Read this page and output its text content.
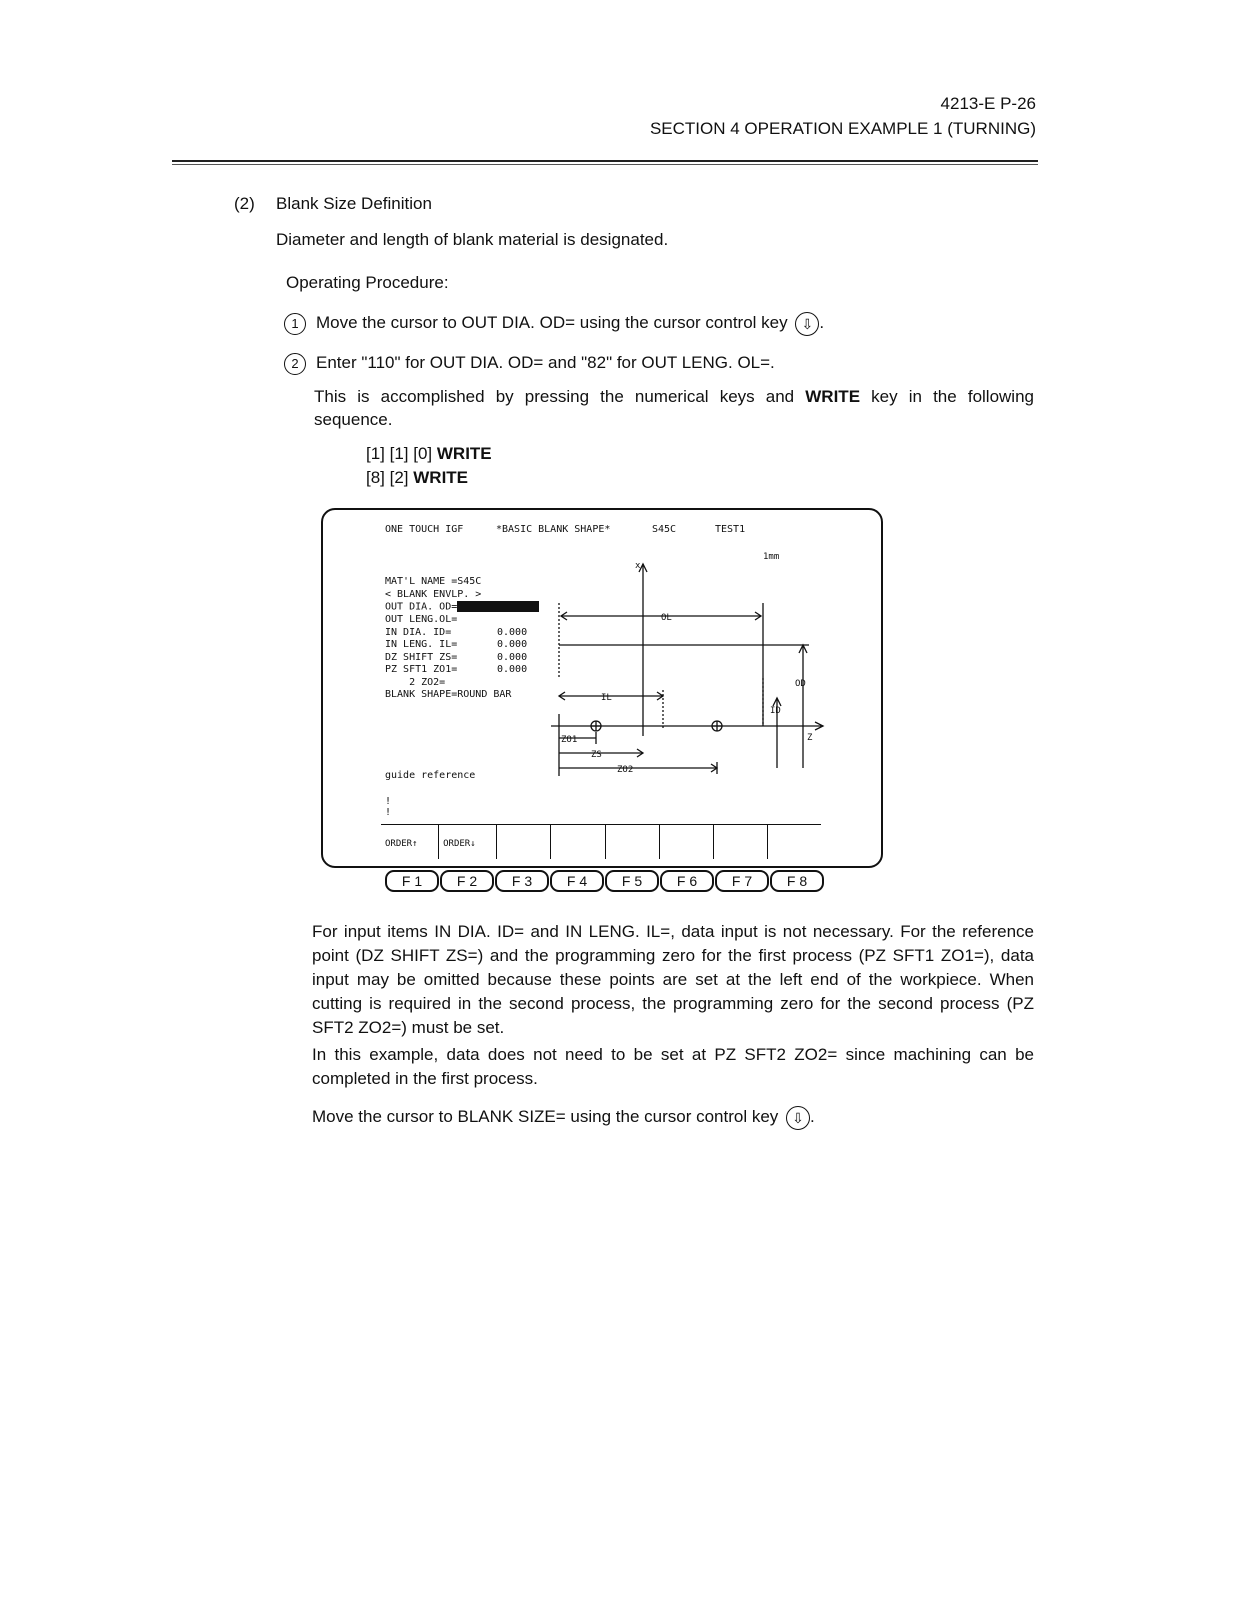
4213-E P-26
SECTION 4 OPERATION EXAMPLE 1 (TURNING)
(2) Blank Size Definition
Diameter and length of blank material is designated.
Operating Procedure:
1 Move the cursor to OUT DIA. OD= using the cursor control key ⇩ .
2 Enter "110" for OUT DIA. OD= and "82" for OUT LENG. OL=.
This is accomplished by pressing the numerical keys and WRITE key in the following sequence.
[1] [1] [0] WRITE
[8] [2] WRITE
ONE TOUCH IGF	*BASIC BLANK SHAPE*	S45C	TEST1
1mm
MAT'L NAME =S45C
< BLANK ENVLP. >
OUT DIA. OD=
OUT LENG.OL=
IN DIA. ID=	0.000
IN LENG. IL=	0.000
DZ SHIFT ZS=	0.000
PZ SFT1 ZO1=	0.000
2 ZO2=
BLANK SHAPE=ROUND BAR
x
OL
IL
OD
ID
Z
ZO1
ZS
ZO2
guide reference
!
!
ORDER↑	ORDER↓
F 1 F 2 F 3 F 4 F 5 F 6 F 7 F 8
For input items IN DIA. ID= and IN LENG. IL=, data input is not necessary. For the reference point (DZ SHIFT ZS=) and the programming zero for the first process (PZ SFT1 ZO1=), data input may be omitted because these points are set at the left end of the workpiece. When cutting is required in the second process, the programming zero for the second process (PZ SFT2 ZO2=) must be set.
In this example, data does not need to be set at PZ SFT2 ZO2= since machining can be completed in the first process.
Move the cursor to BLANK SIZE= using the cursor control key ⇩ .
